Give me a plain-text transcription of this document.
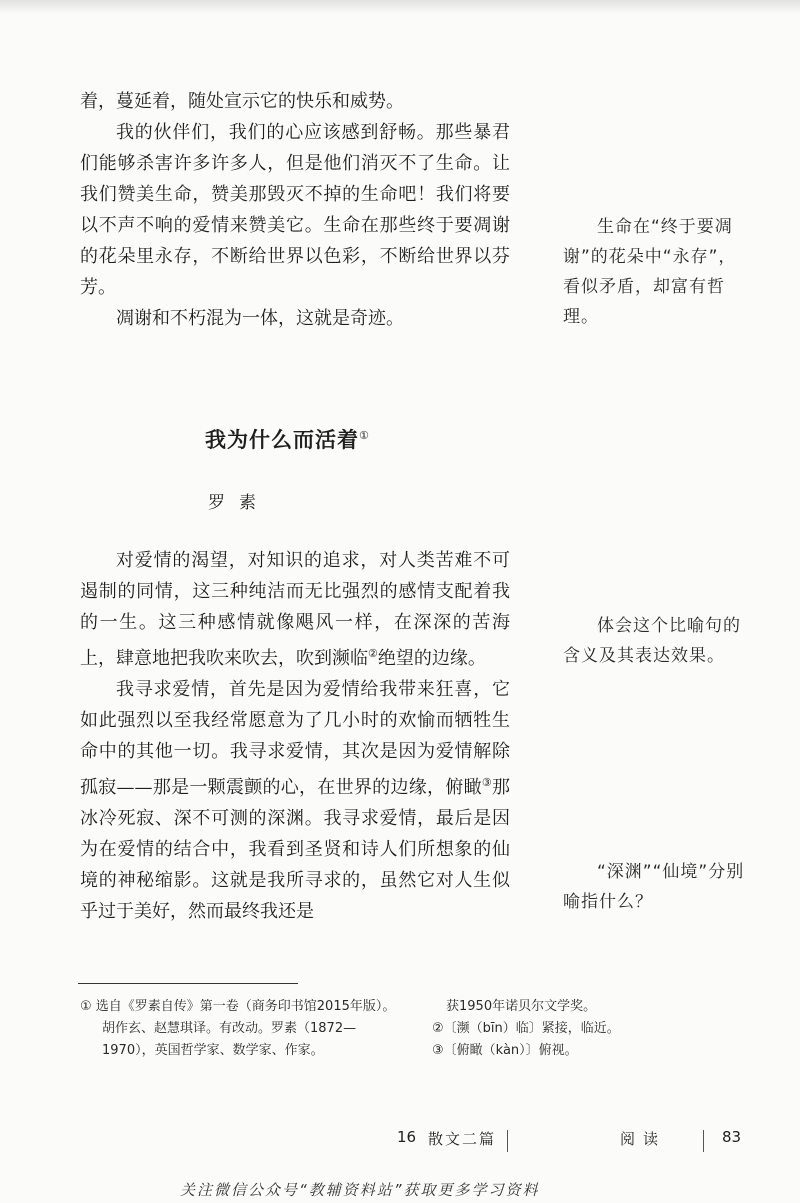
着，蔓延着，随处宣示它的快乐和威势。

我的伙伴们，我们的心应该感到舒畅。那些暴君们能够杀害许多许多人，但是他们消灭不了生命。让我们赞美生命，赞美那毁灭不掉的生命吧！我们将要以不声不响的爱情来赞美它。生命在那些终于要凋谢的花朵里永存，不断给世界以色彩，不断给世界以芬芳。

凋谢和不朽混为一体，这就是奇迹。

生命在“终于要凋谢”的花朵中“永存”，看似矛盾，却富有哲理。

我为什么而活着①
罗素

对爱情的渴望，对知识的追求，对人类苦难不可遏制的同情，这三种纯洁而无比强烈的感情支配着我的一生。这三种感情就像飓风一样，在深深的苦海上，肆意地把我吹来吹去，吹到濒临②绝望的边缘。

我寻求爱情，首先是因为爱情给我带来狂喜，它如此强烈以至我经常愿意为了几小时的欢愉而牺牲生命中的其他一切。我寻求爱情，其次是因为爱情解除孤寂——那是一颗震颤的心，在世界的边缘，俯瞰③那冰冷死寂、深不可测的深渊。我寻求爱情，最后是因为在爱情的结合中，我看到圣贤和诗人们所想象的仙境的神秘缩影。这就是我所寻求的，虽然它对人生似乎过于美好，然而最终我还是

体会这个比喻句的含义及其表达效果。

“深渊”“仙境”分别喻指什么？

① 选自《罗素自传》第一卷（商务印书馆2015年版）。胡作玄、赵慧琪译。有改动。罗素（1872—1970），英国哲学家、数学家、作家。

获1950年诺贝尔文学奖。

②〔濒（bīn）临〕紧接，临近。

③〔俯瞰（kàn）〕俯视。

16 散文二篇	阅读	83
关注微信公众号“教辅资料站”获取更多学习资料
